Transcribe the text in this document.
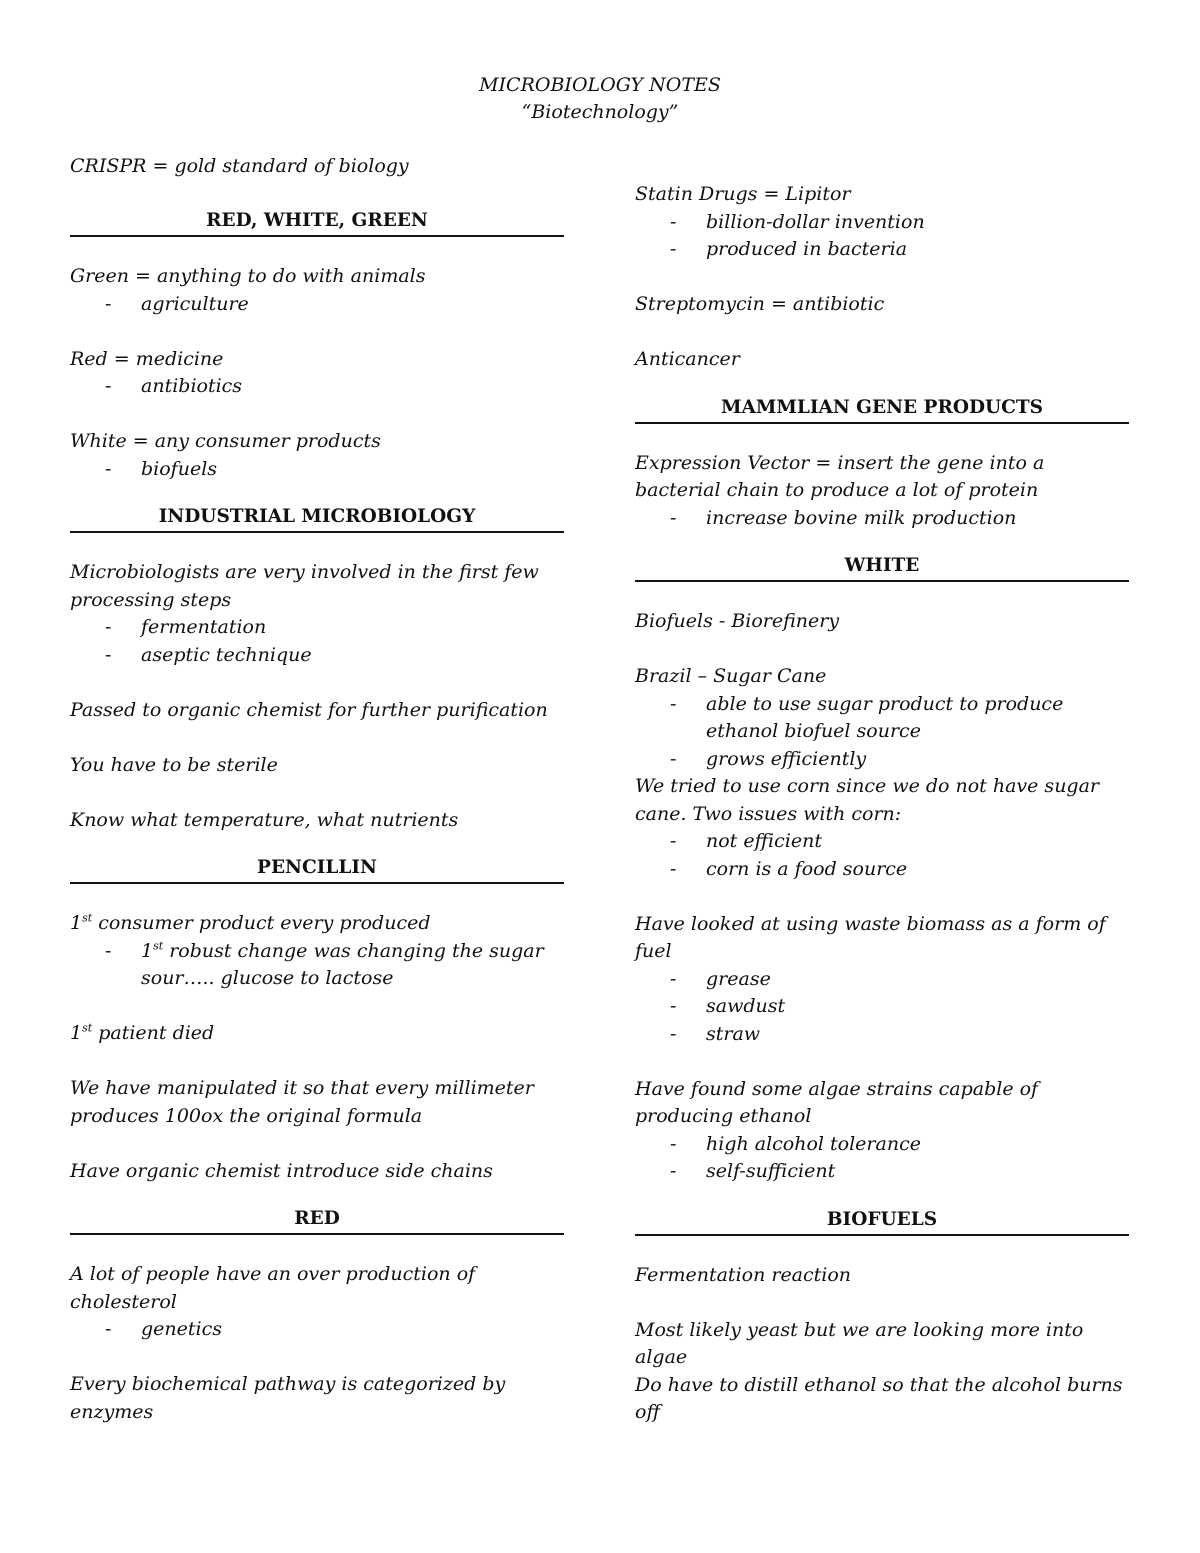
MICROBIOLOGY NOTES
“Biotechnology”
CRISPR = gold standard of biology
RED, WHITE, GREEN
Green = anything to do with animals
- agriculture
Red = medicine
- antibiotics
White = any consumer products
- biofuels
INDUSTRIAL MICROBIOLOGY
Microbiologists are very involved in the first few
processing steps
- fermentation
- aseptic technique
Passed to organic chemist for further purification
You have to be sterile
Know what temperature, what nutrients
PENCILLIN
1st consumer product every produced
- 1st robust change was changing the sugar sour….. glucose to lactose
1st patient died
We have manipulated it so that every millimeter
produces 100ox the original formula
Have organic chemist introduce side chains
RED
A lot of people have an over production of
cholesterol
- genetics
Every biochemical pathway is categorized by
enzymes
Statin Drugs = Lipitor
- billion-dollar invention
- produced in bacteria
Streptomycin = antibiotic
Anticancer
MAMMLIAN GENE PRODUCTS
Expression Vector = insert the gene into a
bacterial chain to produce a lot of protein
- increase bovine milk production
WHITE
Biofuels - Biorefinery
Brazil – Sugar Cane
- able to use sugar product to produce ethanol biofuel source
- grows efficiently
We tried to use corn since we do not have sugar
cane. Two issues with corn:
- not efficient
- corn is a food source
Have looked at using waste biomass as a form of
fuel
- grease
- sawdust
- straw
Have found some algae strains capable of
producing ethanol
- high alcohol tolerance
- self-sufficient
BIOFUELS
Fermentation reaction
Most likely yeast but we are looking more into
algae
Do have to distill ethanol so that the alcohol burns
off
